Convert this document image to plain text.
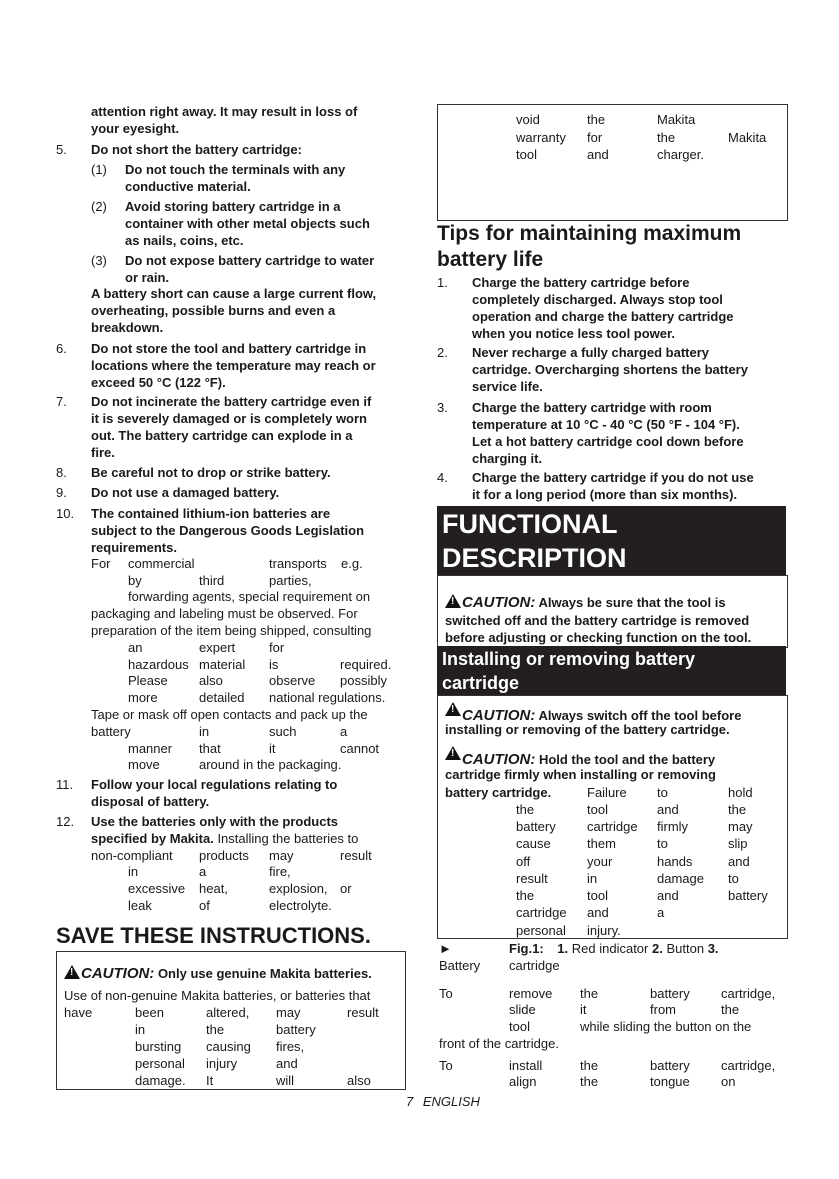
attention right away. It may result in loss of
your eyesight.
5. Do not short the battery cartridge:
(1) Do not touch the terminals with any
conductive material.
(2) Avoid storing battery cartridge in a
container with other metal objects such
as nails, coins, etc.
(3) Do not expose battery cartridge to water
or rain.
A battery short can cause a large current flow,
overheating, possible burns and even a
breakdown.
6. Do not store the tool and battery cartridge in
locations where the temperature may reach or
exceed 50 °C (122 °F).
7. Do not incinerate the battery cartridge even if
it is severely damaged or is completely worn
out. The battery cartridge can explode in a
fire.
8. Be careful not to drop or strike battery.
9. Do not use a damaged battery.
10. The contained lithium-ion batteries are
subject to the Dangerous Goods Legislation
requirements.
For commercial	transports e.g.
by	third	parties,
forwarding agents, special requirement on
packaging and labeling must be observed. For
preparation of the item being shipped, consulting
an	expert	for
hazardous material is	required.
Please also	observe possibly
more	detailed national regulations.
Tape or mask off open contacts and pack up the
battery	in	such	a
manner that	it	cannot
move	around in the packaging.
11. Follow your local regulations relating to
disposal of battery.
12. Use the batteries only with the products
specified by Makita. Installing the batteries to
non-compliant products may	result
in	a	fire,
excessive heat,	explosion, or
leak	of	electrolyte.
SAVE THESE INSTRUCTIONS.
!CAUTION: Only use genuine Makita batteries.
Use of non-genuine Makita batteries, or batteries that
have	been	altered, may	result
in	the	battery
bursting causing fires,
personal injury	and
damage. It	will	also
void	the	Makita
warranty for	the	Makita
tool	and	charger.
Tips for maintaining maximum
battery life
1. Charge the battery cartridge before
completely discharged. Always stop tool
operation and charge the battery cartridge
when you notice less tool power.
2. Never recharge a fully charged battery
cartridge. Overcharging shortens the battery
service life.
3. Charge the battery cartridge with room
temperature at 10 °C - 40 °C (50 °F - 104 °F).
Let a hot battery cartridge cool down before
charging it.
4. Charge the battery cartridge if you do not use
it for a long period (more than six months).
FUNCTIONAL
DESCRIPTION
!CAUTION: Always be sure that the tool is
switched off and the battery cartridge is removed
before adjusting or checking function on the tool.
Installing or removing battery
cartridge
!CAUTION: Always switch off the tool before
installing or removing of the battery cartridge.
!CAUTION: Hold the tool and the battery
cartridge firmly when installing or removing
battery cartridge.	Failure to	hold
the	tool	and	the
battery cartridge firmly	may
cause	them	to	slip
off	your	hands	and
result	in	damage to
the	tool	and	battery
cartridge and	a
personal injury.
►	Fig.1: 1. Red indicator 2. Button 3.
Battery cartridge
To	remove the	battery cartridge,
slide	it	from	the
tool	while sliding the button on the
front of the cartridge.
To	install	the	battery cartridge,
align	the	tongue on
7 ENGLISH
